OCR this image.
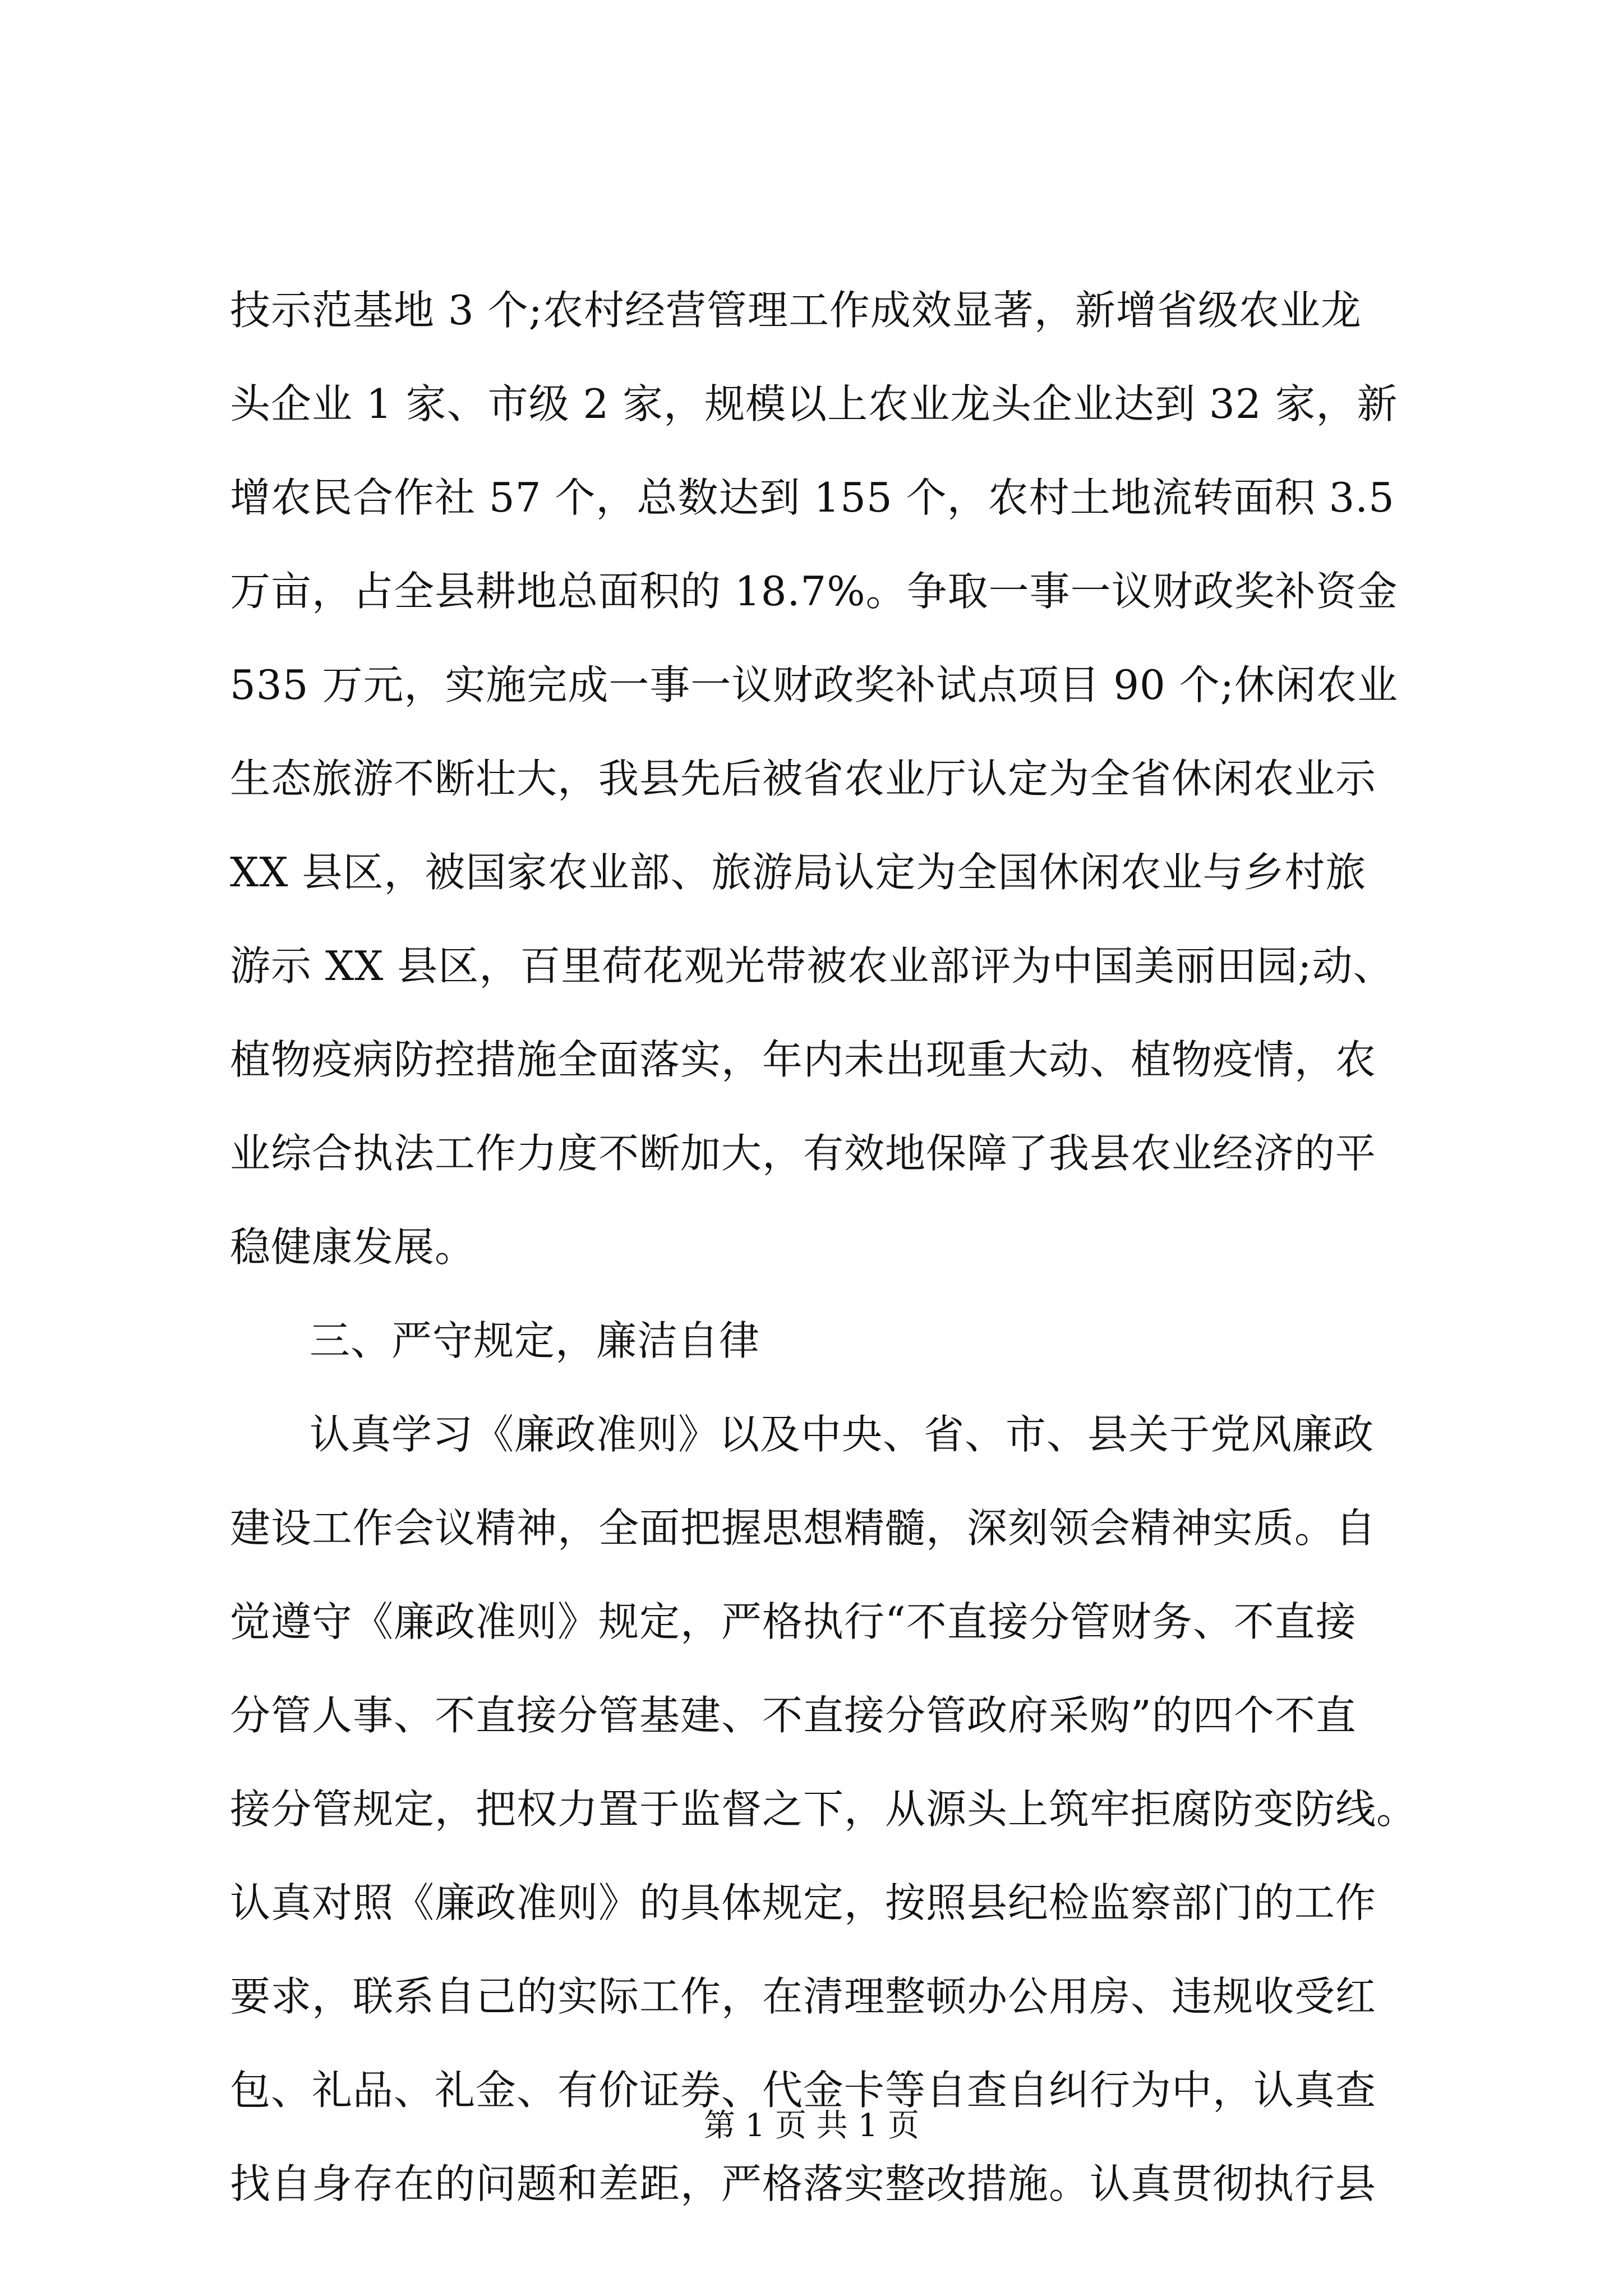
技示范基地 3 个;农村经营管理工作成效显著，新增省级农业龙
头企业 1 家、市级 2 家，规模以上农业龙头企业达到 32 家，新
增农民合作社 57 个，总数达到 155 个，农村土地流转面积 3.5
万亩，占全县耕地总面积的 18.7%。争取一事一议财政奖补资金
535 万元，实施完成一事一议财政奖补试点项目 90 个;休闲农业
生态旅游不断壮大，我县先后被省农业厅认定为全省休闲农业示
XX 县区，被国家农业部、旅游局认定为全国休闲农业与乡村旅
游示 XX 县区，百里荷花观光带被农业部评为中国美丽田园;动、
植物疫病防控措施全面落实，年内未出现重大动、植物疫情，农
业综合执法工作力度不断加大，有效地保障了我县农业经济的平
稳健康发展。
三、严守规定，廉洁自律
认真学习《廉政准则》以及中央、省、市、县关于党风廉政
建设工作会议精神，全面把握思想精髓，深刻领会精神实质。自
觉遵守《廉政准则》规定，严格执行“不直接分管财务、不直接
分管人事、不直接分管基建、不直接分管政府采购”的四个不直
接分管规定，把权力置于监督之下，从源头上筑牢拒腐防变防线。
认真对照《廉政准则》的具体规定，按照县纪检监察部门的工作
要求，联系自己的实际工作，在清理整顿办公用房、违规收受红
包、礼品、礼金、有价证券、代金卡等自查自纠行为中，认真查
找自身存在的问题和差距，严格落实整改措施。认真贯彻执行县
第 1 页 共 1 页
